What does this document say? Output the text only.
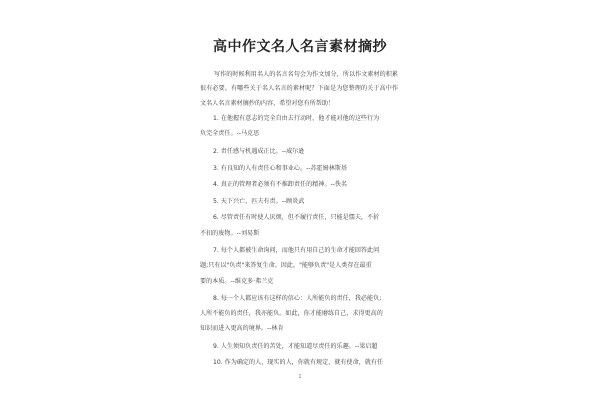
高中作文名人名言素材摘抄
写作的时候利用名人的名言名句会为作文加分，所以作文素材的积累很有必要。有哪些关于名人名言的素材呢？下面是为您整理的关于高中作文名人名言素材摘抄的内容，希望对您有所帮助！
1. 在他握有意志的完全自由去行动时，他才能对他的这些行为
负完全责任。--马克思
2. 责任感与机遇成正比。--威尔逊
3. 有良知的人有责任心和事业心。--苏霍姆林斯基
4. 真正的管理者必须有不推卸责任的精神。--佚名
5. 天下兴亡，匹夫有责。--顾炎武
6. 尽管责任有时使人厌烦，但不履行责任，只能是懦夫，不折
不扣的废物。--刘易斯
7. 每个人都被生命询问，而他只有用自己的生命才能回答此问
题;只有以"负责"来答复生命。因此，"能够负责"是人类存在最重
要的本质。--维克多·弗兰克
8. 每一个人都应该有这样的信心：人所能负的责任，我必能负;
人所不能负的责任，我亦能负。如此，你才能磨练自己，求得更高的
知识而进入更高的境界。--林肯
9. 人生须知负责任的苦处，才能知道尽责任的乐趣。--梁启超
10. 作为确定的人，现实的人，你就有规定，就有使命，就有任
1
